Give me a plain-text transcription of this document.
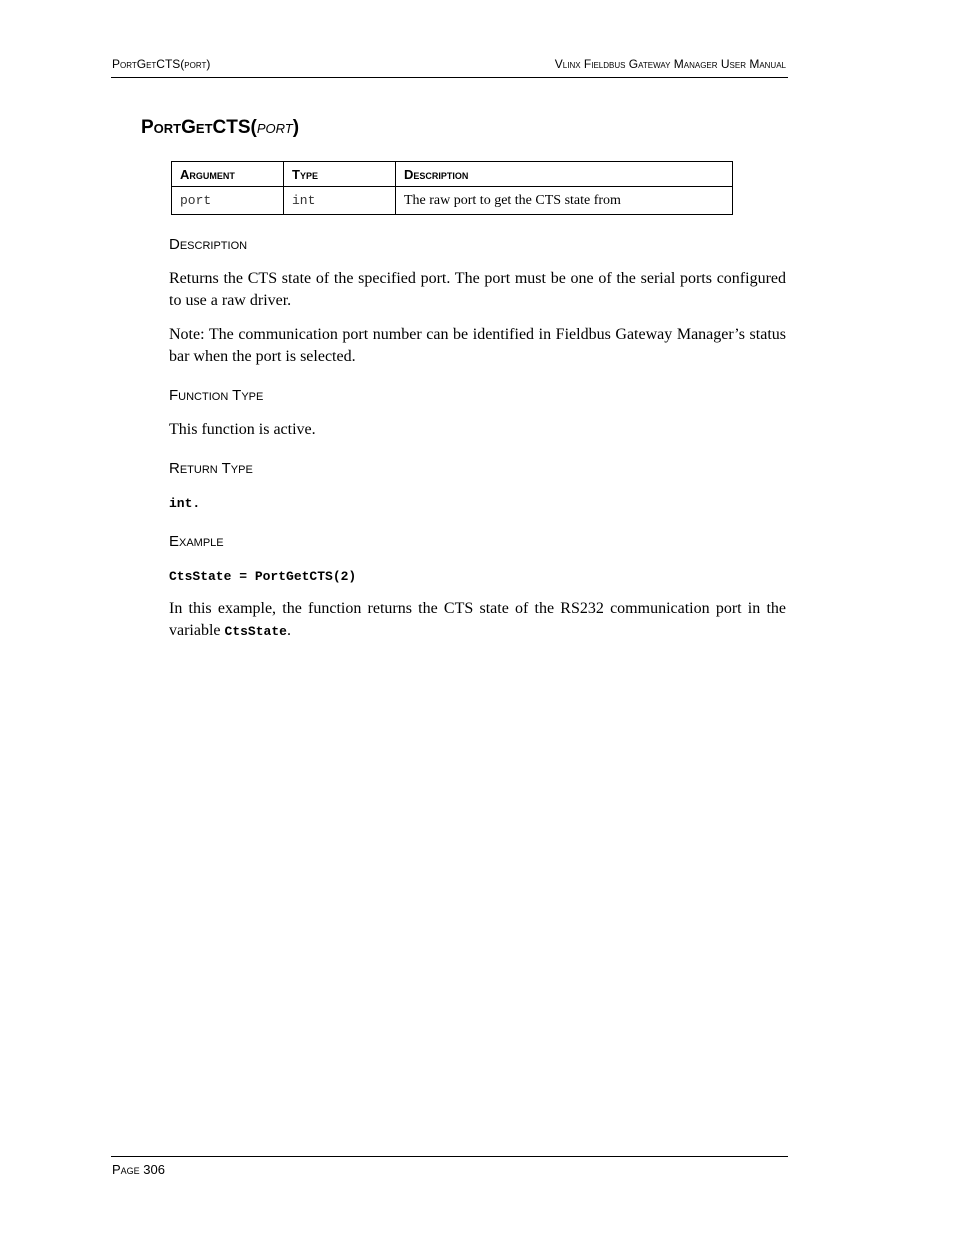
PortGetCTS(port)	Vlinx Fieldbus Gateway Manager User Manual
PortGetCTS(port)
Argument	Type	Description
port	int	The raw port to get the CTS state from
Description
Returns the CTS state of the specified port. The port must be one of the serial ports configured to use a raw driver.
Note: The communication port number can be identified in Fieldbus Gateway Manager’s status bar when the port is selected.
Function Type
This function is active.
Return Type
int.
Example
CtsState = PortGetCTS(2)
In this example, the function returns the CTS state of the RS232 communication port in the variable CtsState.
Page 306
